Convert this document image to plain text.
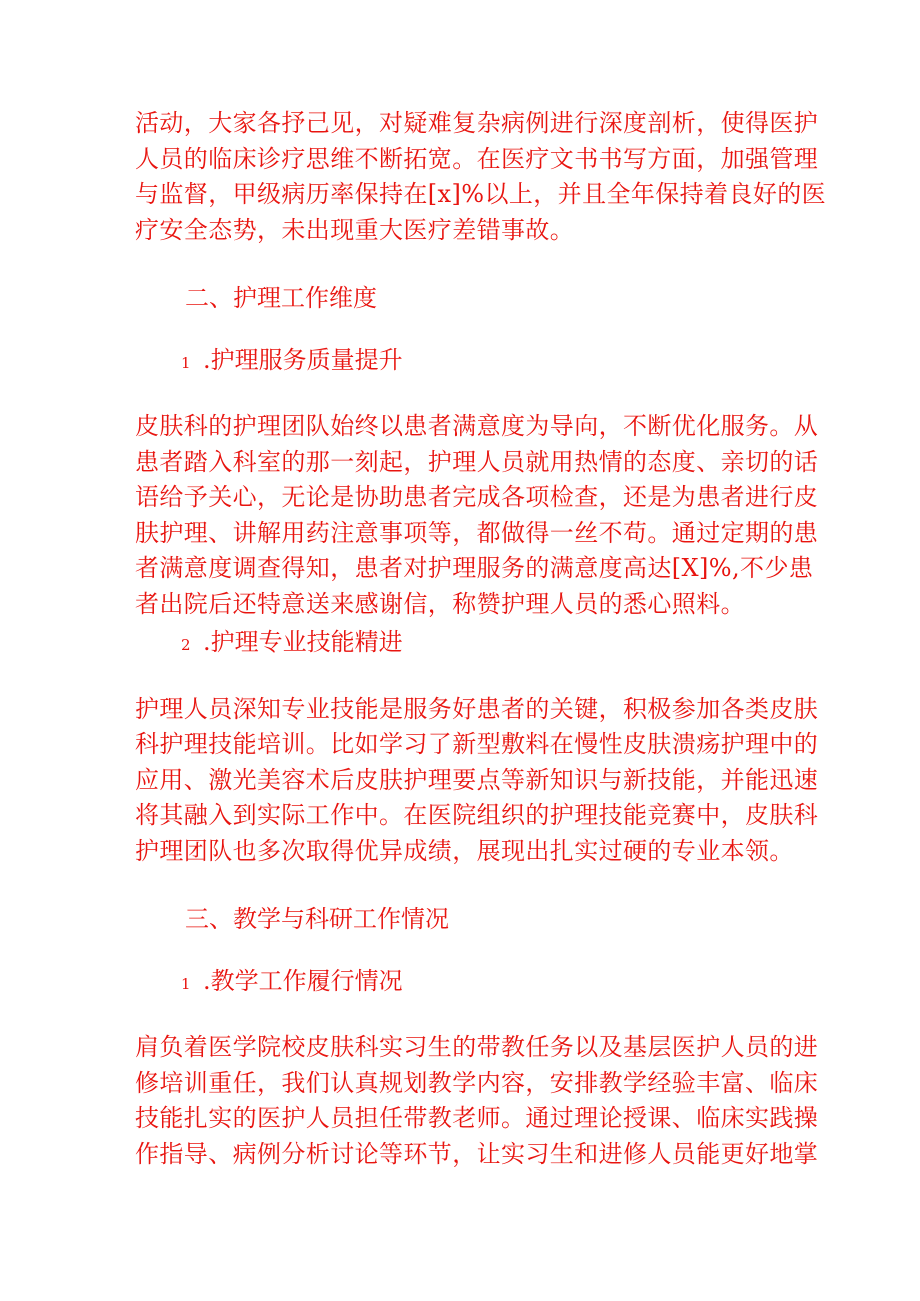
活动，大家各抒己见，对疑难复杂病例进行深度剖析，使得医护
人员的临床诊疗思维不断拓宽。在医疗文书书写方面，加强管理
与监督，甲级病历率保持在[x]%以上，并且全年保持着良好的医
疗安全态势，未出现重大医疗差错事故。
二、护理工作维度
1 .护理服务质量提升
皮肤科的护理团队始终以患者满意度为导向，不断优化服务。从
患者踏入科室的那一刻起，护理人员就用热情的态度、亲切的话
语给予关心，无论是协助患者完成各项检查，还是为患者进行皮
肤护理、讲解用药注意事项等，都做得一丝不苟。通过定期的患
者满意度调查得知，患者对护理服务的满意度高达[X]%,不少患
者出院后还特意送来感谢信，称赞护理人员的悉心照料。
2 .护理专业技能精进
护理人员深知专业技能是服务好患者的关键，积极参加各类皮肤
科护理技能培训。比如学习了新型敷料在慢性皮肤溃疡护理中的
应用、激光美容术后皮肤护理要点等新知识与新技能，并能迅速
将其融入到实际工作中。在医院组织的护理技能竞赛中，皮肤科
护理团队也多次取得优异成绩，展现出扎实过硬的专业本领。
三、教学与科研工作情况
1 .教学工作履行情况
肩负着医学院校皮肤科实习生的带教任务以及基层医护人员的进
修培训重任，我们认真规划教学内容，安排教学经验丰富、临床
技能扎实的医护人员担任带教老师。通过理论授课、临床实践操
作指导、病例分析讨论等环节，让实习生和进修人员能更好地掌
